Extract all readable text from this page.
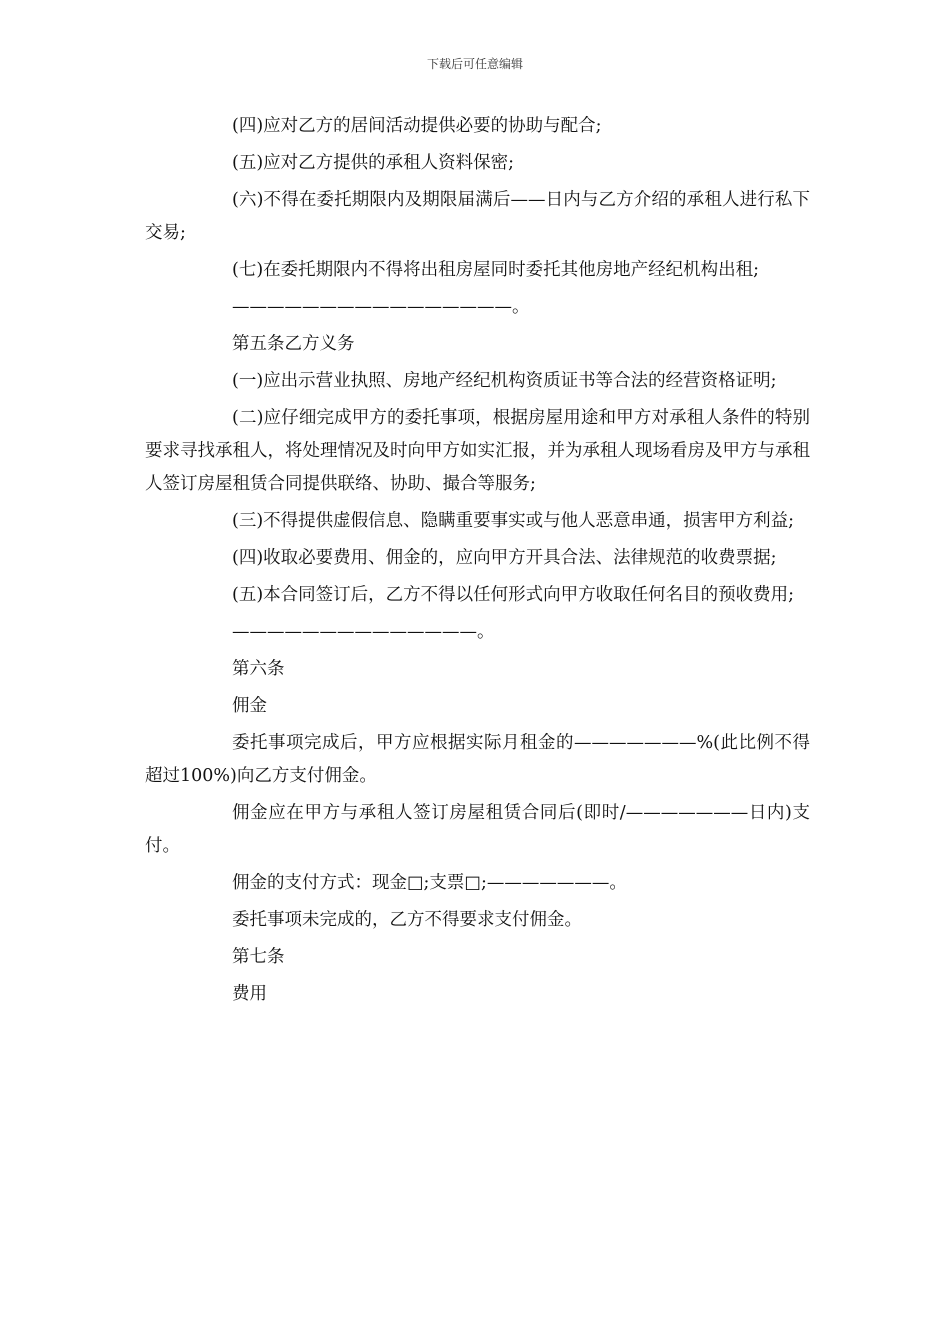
下载后可任意编辑

(四)应对乙方的居间活动提供必要的协助与配合;

(五)应对乙方提供的承租人资料保密;

(六)不得在委托期限内及期限届满后——日内与乙方介绍的承租人进行私下交易;

(七)在委托期限内不得将出租房屋同时委托其他房地产经纪机构出租;

————————————————。

第五条乙方义务

(一)应出示营业执照、房地产经纪机构资质证书等合法的经营资格证明;

(二)应仔细完成甲方的委托事项，根据房屋用途和甲方对承租人条件的特别要求寻找承租人，将处理情况及时向甲方如实汇报，并为承租人现场看房及甲方与承租人签订房屋租赁合同提供联络、协助、撮合等服务;

(三)不得提供虚假信息、隐瞒重要事实或与他人恶意串通，损害甲方利益;

(四)收取必要费用、佣金的，应向甲方开具合法、法律规范的收费票据;

(五)本合同签订后，乙方不得以任何形式向甲方收取任何名目的预收费用;

——————————————。

第六条

佣金

委托事项完成后，甲方应根据实际月租金的———————%(此比例不得超过100%)向乙方支付佣金。

佣金应在甲方与承租人签订房屋租赁合同后(即时/———————日内)支付。

佣金的支付方式：现金□;支票□;———————。

委托事项未完成的，乙方不得要求支付佣金。

第七条

费用
